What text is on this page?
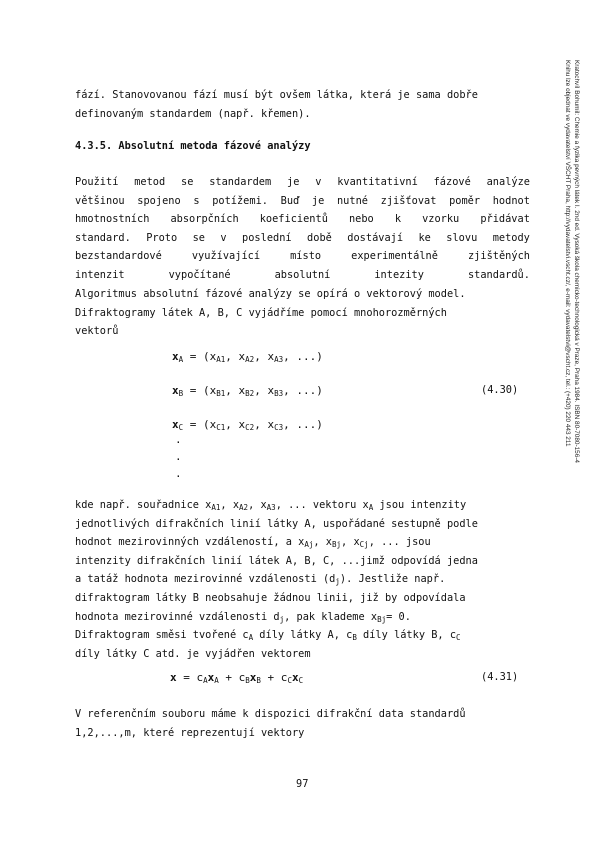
fází. Stanovovanou fází musí být ovšem látka, která je sama dobře
definovaným standardem (např. křemen).
4.3.5. Absolutní metoda fázové analýzy
Použití metod se standardem je v kvantitativní fázové analýze
většinou spojeno s potížemi. Buď je nutné zjišťovat poměr hodnot
hmotnostních absorpčních koeficientů nebo k vzorku přidávat
standard. Proto se v poslední době dostávají ke slovu metody
bezstandardové	využívající	místo	experimentálně	zjištěných
intenzit	vypočítané	absolutní	intezity	standardů.
Algoritmus absolutní fázové analýzy se opírá o vektorový model.
Difraktogramy látek A, B, C vyjádříme pomocí mnohorozměrných
vektorů
$x_A = (x_{A1}$, $x_{A2}$, $x_{A3}$, ...)
$x_B = (x_{B1}$, $x_{B2}$, $x_{B3}$, ...)	(4.30)
$x_C = (x_{C1}$, $x_{C2}$, $x_{C3}$, ...)
.
.
.
kde např. souřadnice $x_{A1}$, $x_{A2}$, $x_{A3}$, ... vektoru $x_A$ jsou intenzity
jednotlivých difrakčních linií látky A, uspořádané sestupně podle
hodnot mezirovinných vzdáleností, a $x_{Aj}$, $x_{Bj}$, $x_{Cj}$, ... jsou
intenzity difrakčních linií látek A, B, C, ...jimž odpovídá jedna
a tatáž hodnota mezirovinné vzdálenosti $(d_j)$. Jestliže např.
difraktogram látky B neobsahuje žádnou linii, již by odpovídala
hodnota mezirovinné vzdálenosti $d_j$, pak klademe $x_{Bj}= 0$.
Difraktogram směsi tvořené $c_A$ díly látky A, $c_B$ díly látky B, $c_C$
díly látky C atd. je vyjádřen vektorem
$x = c_Ax_A + c_Bx_B + c_Cx_C$	(4.31)
V referenčním souboru máme k dispozici difrakční data standardů
1,2,...,m, které reprezentují vektory
97
Kratochvíl Bohumil: Chemie a fyzika pevných látek I. 2nd ed. Vysoká škola chemicko-technologická v Praze, Praha 1984. ISBN 80-7080-156-4
Knihu lze objednat ve vydavatelství VŠCHT Praha, http://vydavatelstvi.vscht.cz/, e-mail: vydavatelstvi@vscht.cz, tel.: (+420) 220 443 211
